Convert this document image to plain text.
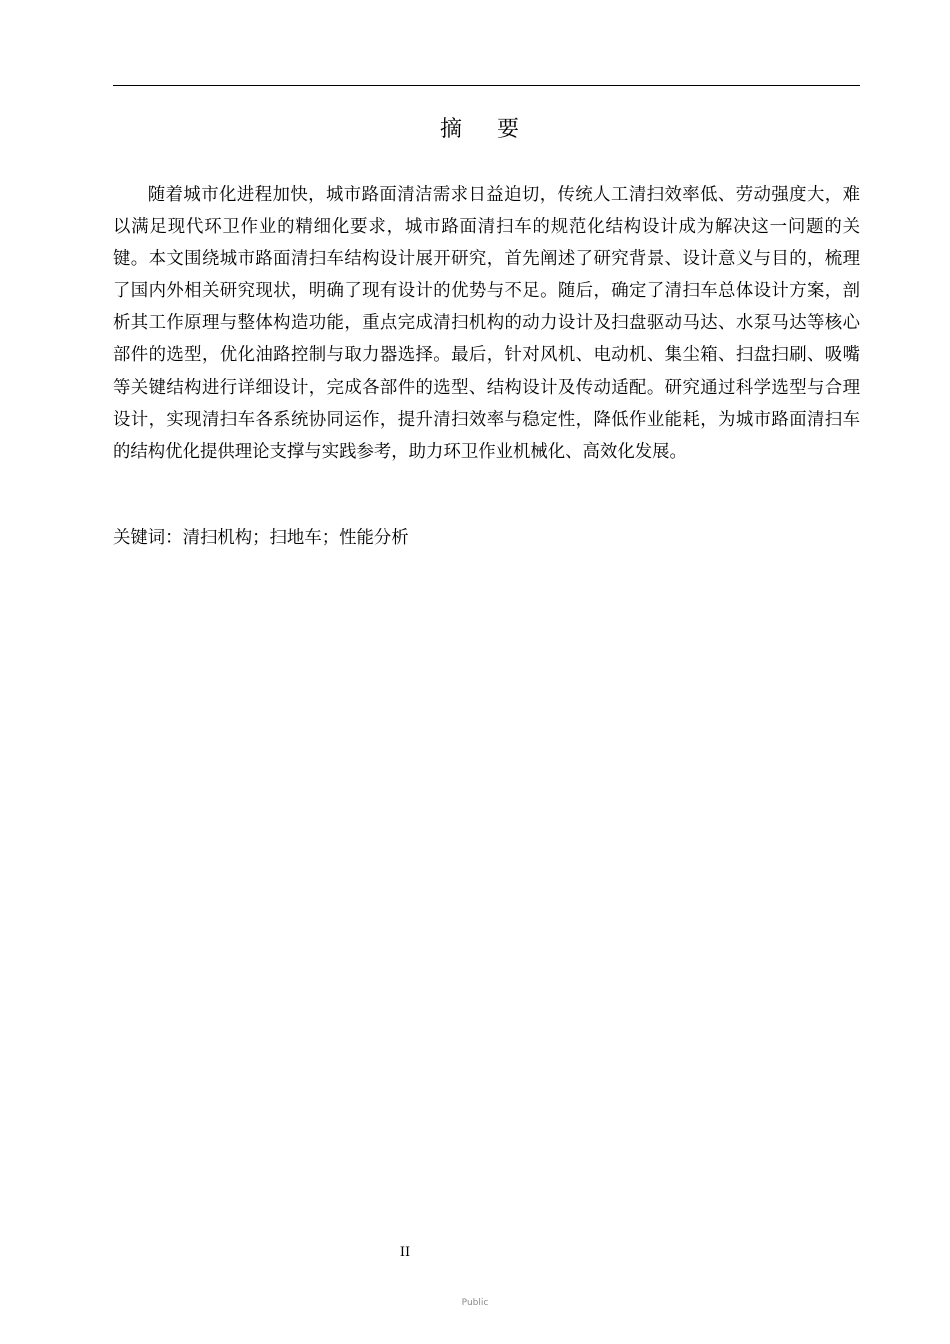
摘 要

随着城市化进程加快，城市路面清洁需求日益迫切，传统人工清扫效率低、劳动强度大，难以满足现代环卫作业的精细化要求，城市路面清扫车的规范化结构设计成为解决这一问题的关键。本文围绕城市路面清扫车结构设计展开研究，首先阐述了研究背景、设计意义与目的，梳理了国内外相关研究现状，明确了现有设计的优势与不足。随后，确定了清扫车总体设计方案，剖析其工作原理与整体构造功能，重点完成清扫机构的动力设计及扫盘驱动马达、水泵马达等核心部件的选型，优化油路控制与取力器选择。最后，针对风机、电动机、集尘箱、扫盘扫刷、吸嘴等关键结构进行详细设计，完成各部件的选型、结构设计及传动适配。研究通过科学选型与合理设计，实现清扫车各系统协同运作，提升清扫效率与稳定性，降低作业能耗，为城市路面清扫车的结构优化提供理论支撑与实践参考，助力环卫作业机械化、高效化发展。

关键词：清扫机构；扫地车；性能分析
II
Public
